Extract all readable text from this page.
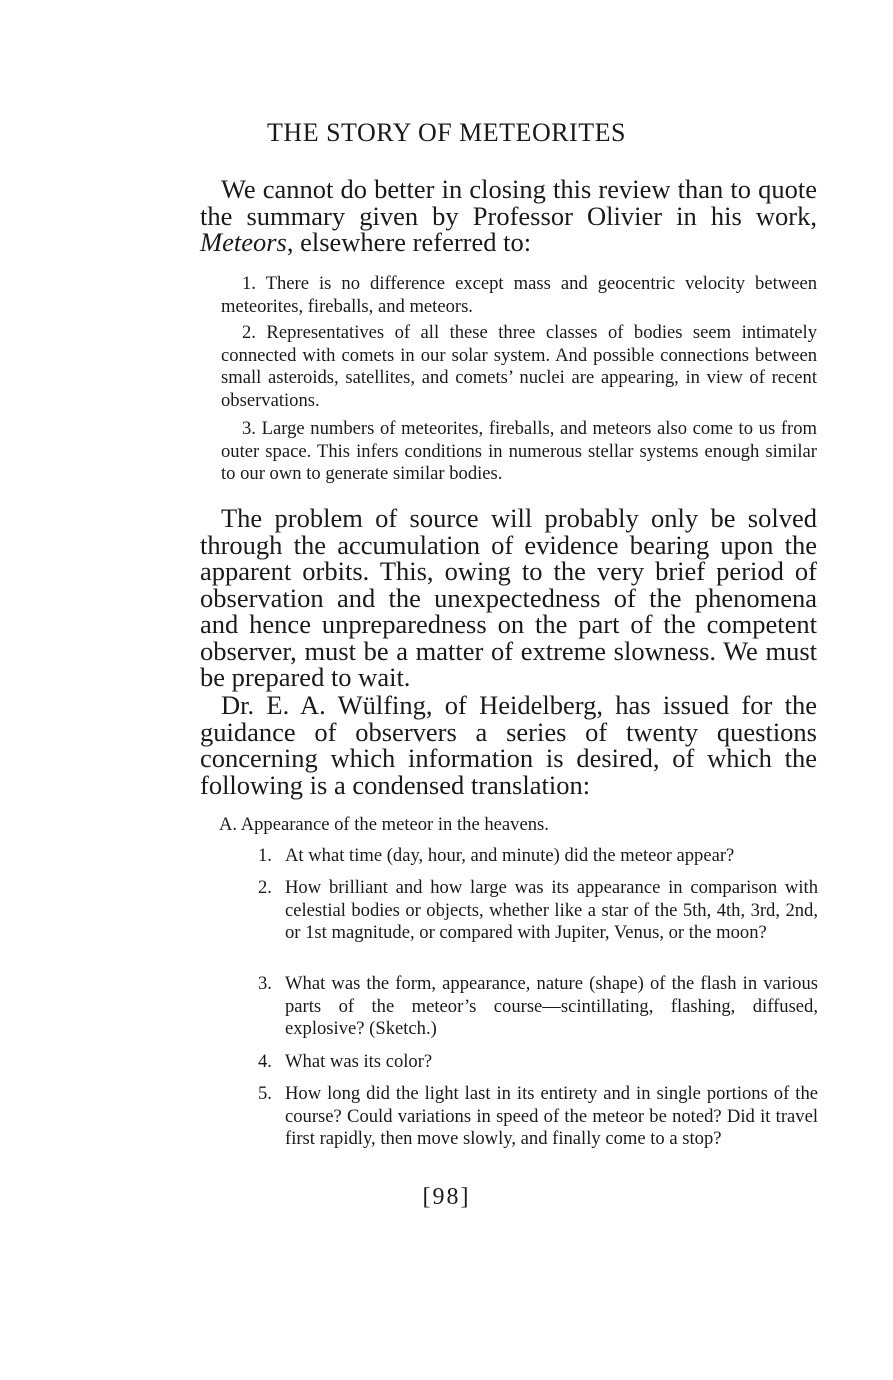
THE STORY OF METEORITES
We cannot do better in closing this review than to quote the summary given by Professor Olivier in his work, Meteors, elsewhere referred to:
1. There is no difference except mass and geocentric velocity between meteorites, fireballs, and meteors.
2. Representatives of all these three classes of bodies seem intimately connected with comets in our solar system. And possible connections between small asteroids, satellites, and comets’ nuclei are appearing, in view of recent observations.
3. Large numbers of meteorites, fireballs, and meteors also come to us from outer space. This infers conditions in numerous stellar systems enough similar to our own to generate similar bodies.
The problem of source will probably only be solved through the accumulation of evidence bearing upon the apparent orbits. This, owing to the very brief period of observation and the unexpectedness of the phenomena and hence unpreparedness on the part of the competent observer, must be a matter of extreme slowness. We must be prepared to wait.
Dr. E. A. Wülfing, of Heidelberg, has issued for the guidance of observers a series of twenty questions concerning which information is desired, of which the following is a condensed translation:
A. Appearance of the meteor in the heavens.
1. At what time (day, hour, and minute) did the meteor appear?
2. How brilliant and how large was its appearance in comparison with celestial bodies or objects, whether like a star of the 5th, 4th, 3rd, 2nd, or 1st magnitude, or compared with Jupiter, Venus, or the moon?
3. What was the form, appearance, nature (shape) of the flash in various parts of the meteor’s course—scintillating, flashing, diffused, explosive? (Sketch.)
4. What was its color?
5. How long did the light last in its entirety and in single portions of the course? Could variations in speed of the meteor be noted? Did it travel first rapidly, then move slowly, and finally come to a stop?
[98]
